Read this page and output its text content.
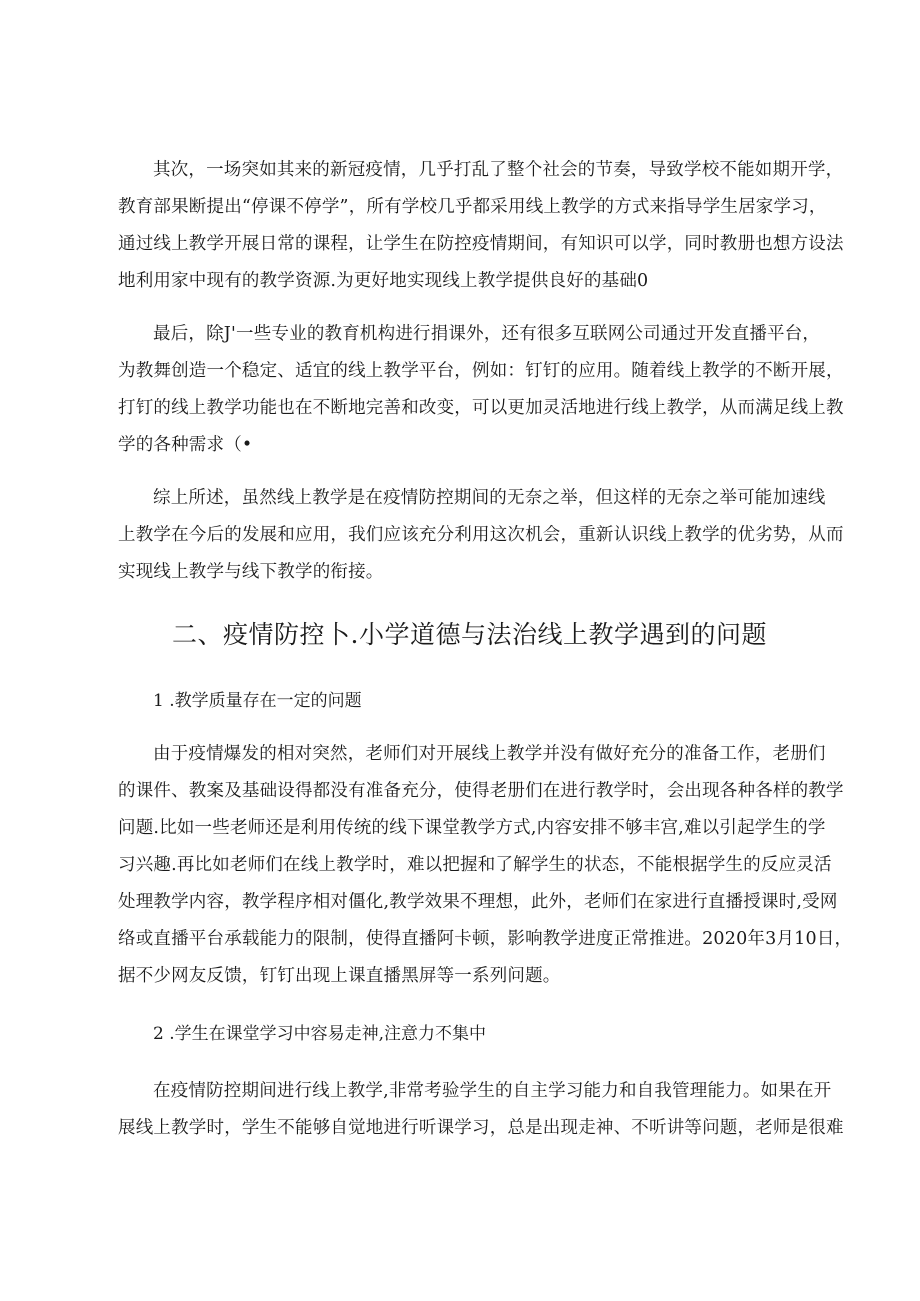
其次，一场突如其来的新冠疫情，几乎打乱了整个社会的节奏，导致学校不能如期开学，
教育部果断提出“停课不停学”，所有学校几乎都采用线上教学的方式来指导学生居家学习，
通过线上教学开展日常的课程，让学生在防控疫情期间，有知识可以学，同时教册也想方设法
地利用家中现有的教学资源.为更好地实现线上教学提供良好的基础0
最后，除J'一些专业的教育机构进行捐课外，还有很多互联网公司通过开发直播平台，
为教舞创造一个稳定、适宜的线上教学平台，例如：钉钉的应用。随着线上教学的不断开展，
打钉的线上教学功能也在不断地完善和改变，可以更加灵活地进行线上教学，从而满足线上教
学的各种需求（•
综上所述，虽然线上教学是在疫情防控期间的无奈之举，但这样的无奈之举可能加速线
上教学在今后的发展和应用，我们应该充分利用这次机会，重新认识线上教学的优劣势，从而
实现线上教学与线下教学的衔接。
二、疫情防控卜.小学道德与法治线上教学遇到的问题
1 .教学质量存在一定的问题
由于疫情爆发的相对突然，老师们对开展线上教学并没有做好充分的准备工作，老册们
的课件、教案及基础设得都没有准备充分，使得老册们在进行教学时，会出现各种各样的教学
问题.比如一些老师还是利用传统的线下课堂教学方式,内容安排不够丰宫,难以引起学生的学
习兴趣.再比如老师们在线上教学时，难以把握和了解学生的状态，不能根据学生的反应灵活
处理教学内容，教学程序相对僵化,教学效果不理想，此外，老师们在家进行直播授课时,受网
络或直播平台承载能力的限制，使得直播阿卡顿，影响教学进度正常推进。2020年3月10日，
据不少网友反馈，钉钉出现上课直播黑屏等一系列问题。
2 .学生在课堂学习中容易走神,注意力不集中
在疫情防控期间进行线上教学,非常考验学生的自主学习能力和自我管理能力。如果在开
展线上教学时，学生不能够自觉地进行听课学习，总是出现走神、不听讲等问题，老师是很难
